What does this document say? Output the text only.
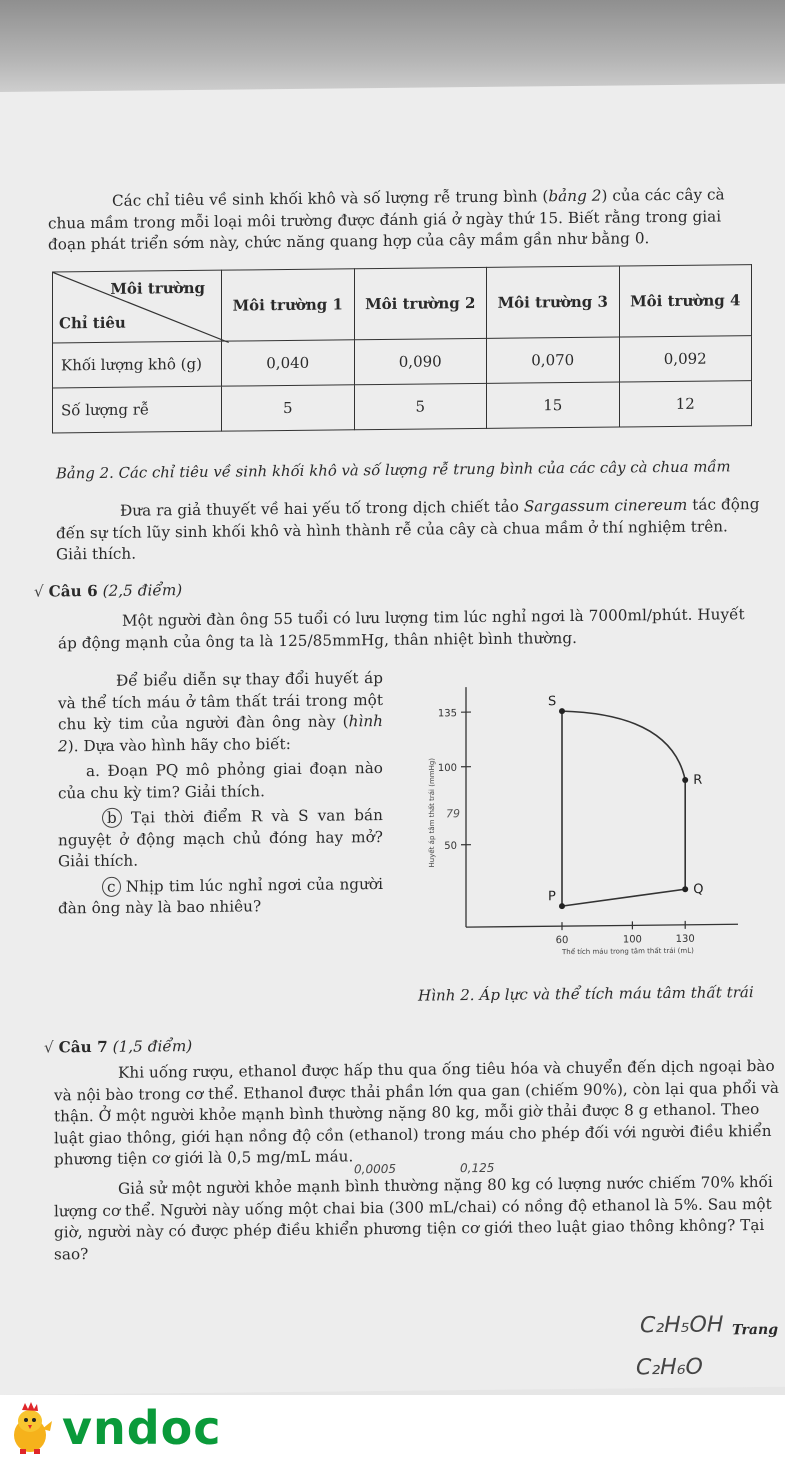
Các chỉ tiêu về sinh khối khô và số lượng rễ trung bình (bảng 2) của các cây cà chua mầm trong mỗi loại môi trường được đánh giá ở ngày thứ 15. Biết rằng trong giai đoạn phát triển sớm này, chức năng quang hợp của cây mầm gần như bằng 0.
Môi trường
Chỉ tiêu	Môi trường 1	Môi trường 2	Môi trường 3	Môi trường 4
Khối lượng khô (g)	0,040	0,090	0,070	0,092
Số lượng rễ	5	5	15	12
Bảng 2. Các chỉ tiêu về sinh khối khô và số lượng rễ trung bình của các cây cà chua mầm
Đưa ra giả thuyết về hai yếu tố trong dịch chiết tảo Sargassum cinereum tác động đến sự tích lũy sinh khối khô và hình thành rễ của cây cà chua mầm ở thí nghiệm trên. Giải thích.
√ Câu 6 (2,5 điểm)
Một người đàn ông 55 tuổi có lưu lượng tim lúc nghỉ ngơi là 7000ml/phút. Huyết áp động mạnh của ông ta là 125/85mmHg, thân nhiệt bình thường.
Để biểu diễn sự thay đổi huyết áp và thể tích máu ở tâm thất trái trong một chu kỳ tim của người đàn ông này (hình 2). Dựa vào hình hãy cho biết:
a. Đoạn PQ mô phỏng giai đoạn nào của chu kỳ tim? Giải thích.
b Tại thời điểm R và S van bán nguyệt ở động mạch chủ đóng hay mở? Giải thích.
c Nhịp tim lúc nghỉ ngơi của người đàn ông này là bao nhiêu?
135
100
50
60	100	130
Huyết áp tâm thất trái (mmHg)
Thể tích máu trong tâm thất trái (mL)
P	Q
R
S
79
Hình 2. Áp lực và thể tích máu tâm thất trái
√ Câu 7 (1,5 điểm)
Khi uống rượu, ethanol được hấp thu qua ống tiêu hóa và chuyển đến dịch ngoại bào và nội bào trong cơ thể. Ethanol được thải phần lớn qua gan (chiếm 90%), còn lại qua phổi và thận. Ở một người khỏe mạnh bình thường nặng 80 kg, mỗi giờ thải được 8 g ethanol. Theo luật giao thông, giới hạn nồng độ cồn (ethanol) trong máu cho phép đối với người điều khiển phương tiện cơ giới là 0,5 mg/mL máu.
0,0005	0,125
Giả sử một người khỏe mạnh bình thường nặng 80 kg có lượng nước chiếm 70% khối lượng cơ thể. Người này uống một chai bia (300 mL/chai) có nồng độ ethanol là 5%. Sau một giờ, người này có được phép điều khiển phương tiện cơ giới theo luật giao thông không? Tại sao?
C₂H₅OH Trang
C₂H₆O
vndoc
